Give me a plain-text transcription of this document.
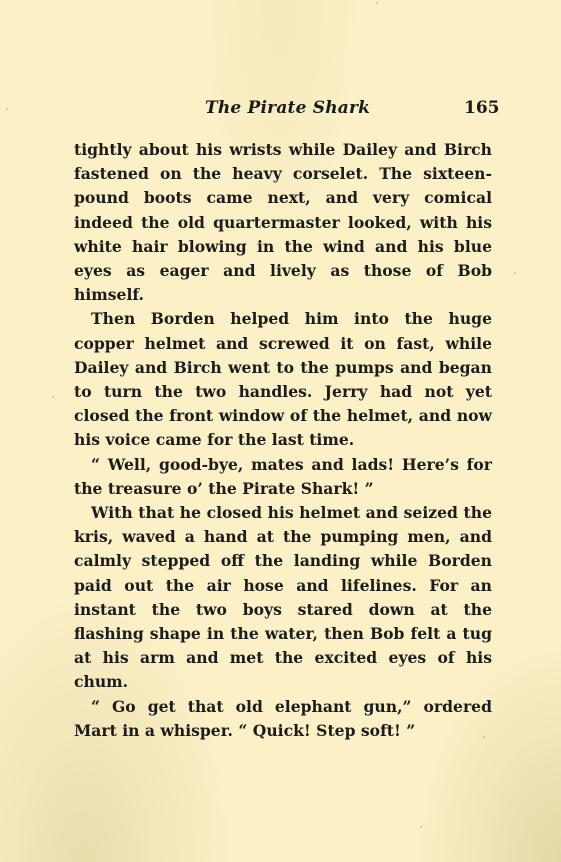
The Pirate Shark	165

tightly about his wrists while Dailey and Birch fastened on the heavy corselet. The sixteen-pound boots came next, and very comical indeed the old quartermaster looked, with his white hair blowing in the wind and his blue eyes as eager and lively as those of Bob himself.

Then Borden helped him into the huge copper helmet and screwed it on fast, while Dailey and Birch went to the pumps and began to turn the two handles. Jerry had not yet closed the front window of the helmet, and now his voice came for the last time.

“ Well, good-bye, mates and lads! Here’s for the treasure o’ the Pirate Shark! ”

With that he closed his helmet and seized the kris, waved a hand at the pumping men, and calmly stepped off the landing while Borden paid out the air hose and lifelines. For an instant the two boys stared down at the flashing shape in the water, then Bob felt a tug at his arm and met the excited eyes of his chum.

“ Go get that old elephant gun,” ordered Mart in a whisper. “ Quick! Step soft! ”
